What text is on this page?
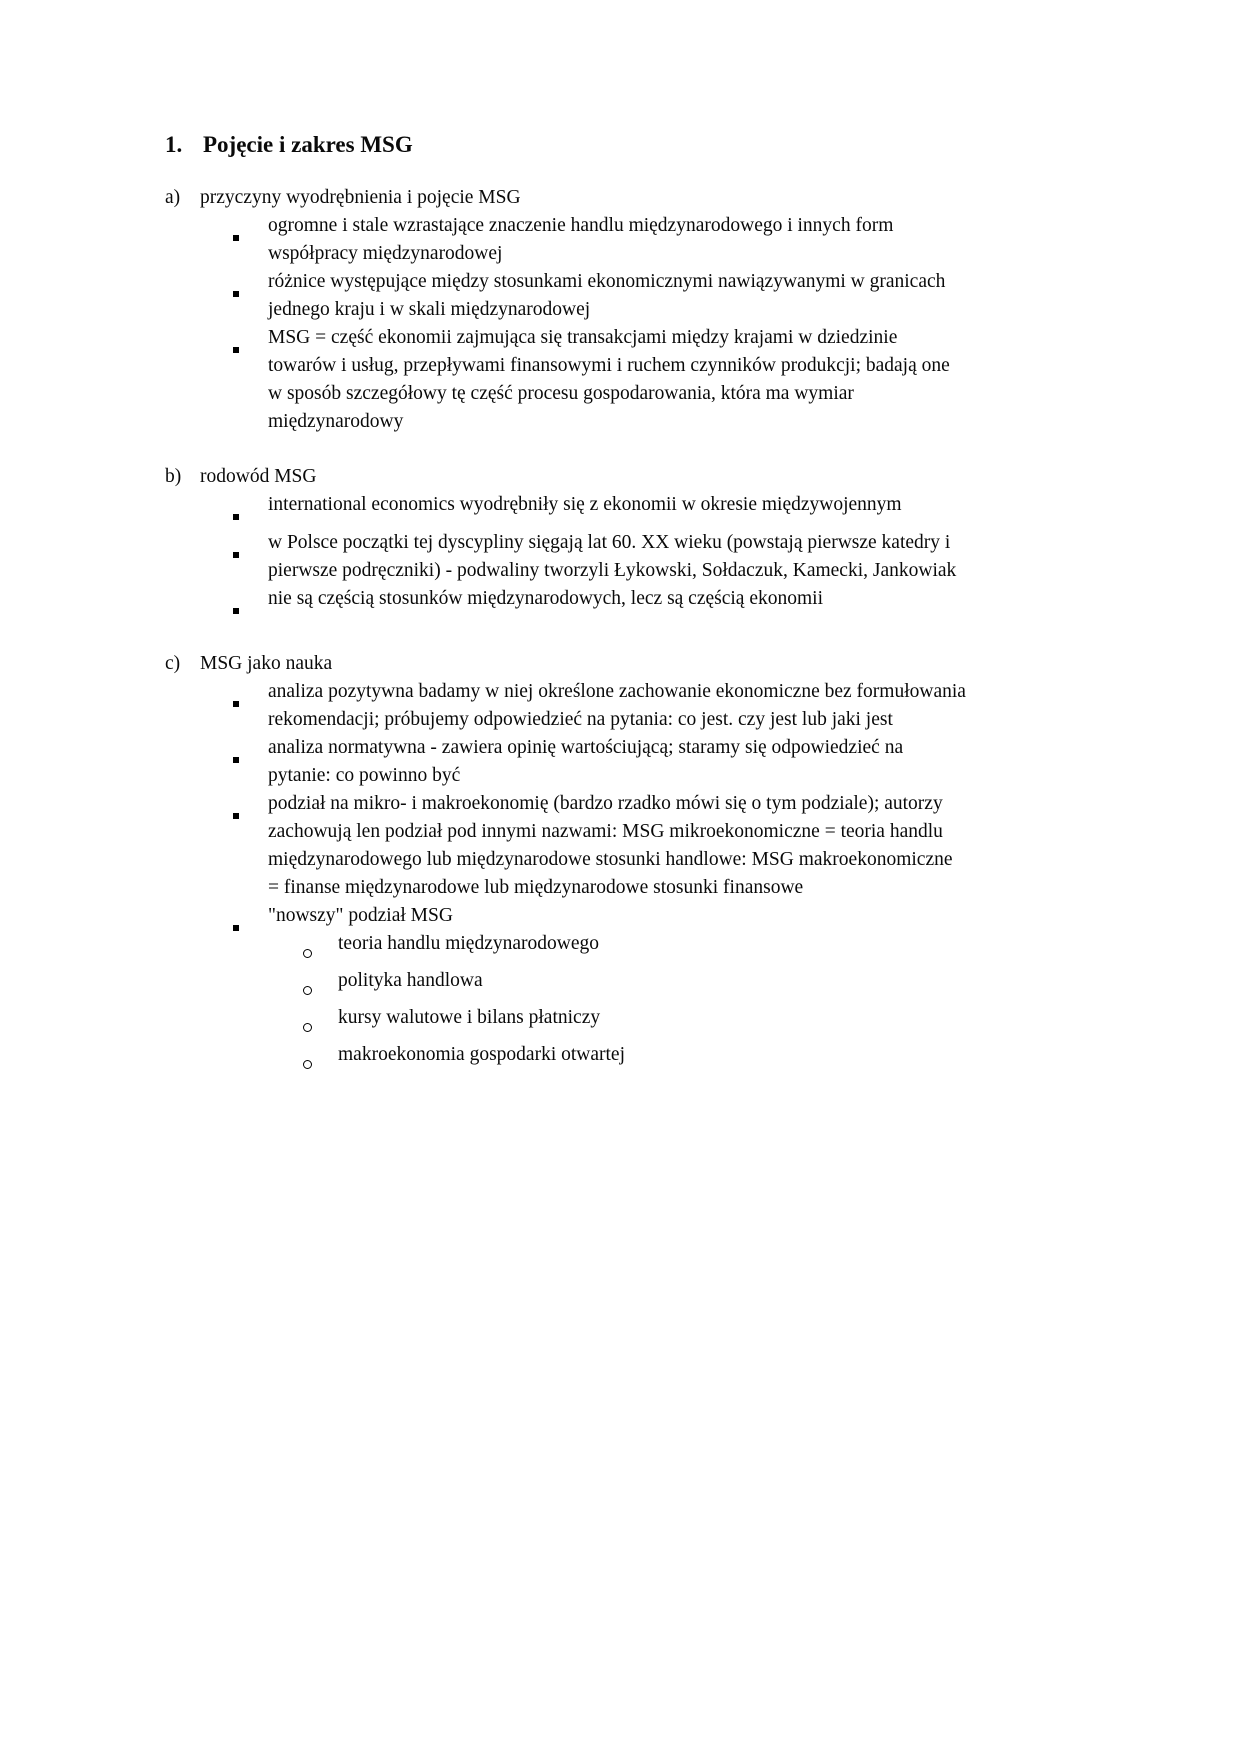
1. Pojęcie i zakres MSG
a)	przyczyny wyodrębnienia i pojęcie MSG
ogromne i stale wzrastające znaczenie handlu międzynarodowego i innych form współpracy międzynarodowej
różnice występujące między stosunkami ekonomicznymi nawiązywanymi w granicach jednego kraju i w skali międzynarodowej
MSG = część ekonomii zajmująca się transakcjami między krajami w dziedzinie towarów i usług, przepływami finansowymi i ruchem czynników produkcji; badają one w sposób szczegółowy tę część procesu gospodarowania, która ma wymiar międzynarodowy
b) rodowód MSG
international economics wyodrębniły się z ekonomii w okresie międzywojennym
w Polsce początki tej dyscypliny sięgają lat 60. XX wieku (powstają pierwsze katedry i pierwsze podręczniki) - podwaliny tworzyli Łykowski, Sołdaczuk, Kamecki, Jankowiak
nie są częścią stosunków międzynarodowych, lecz są częścią ekonomii
c)	MSG jako nauka
analiza pozytywna badamy w niej określone zachowanie ekonomiczne bez formułowania rekomendacji; próbujemy odpowiedzieć na pytania: co jest. czy jest lub jaki jest
analiza normatywna - zawiera opinię wartościującą; staramy się odpowiedzieć na pytanie: co powinno być
podział na mikro- i makroekonomię (bardzo rzadko mówi się o tym podziale); autorzy zachowują len podział pod innymi nazwami: MSG mikroekonomiczne = teoria handlu międzynarodowego lub międzynarodowe stosunki handlowe: MSG makroekonomiczne = finanse międzynarodowe lub międzynarodowe stosunki finansowe
"nowszy" podział MSG
teoria handlu międzynarodowego
polityka handlowa
kursy walutowe i bilans płatniczy
makroekonomia gospodarki otwartej
